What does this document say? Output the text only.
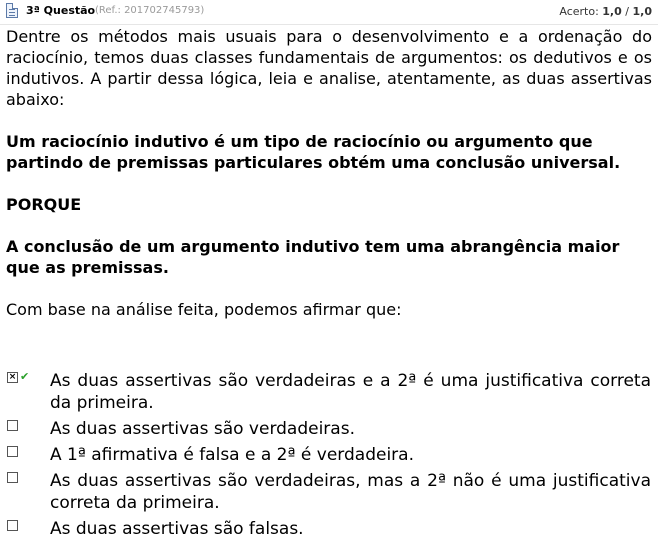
3ª Questão (Ref.: 201702745793)	Acerto: 1,0 / 1,0

Dentre os métodos mais usuais para o desenvolvimento e a ordenação do raciocínio, temos duas classes fundamentais de argumentos: os dedutivos e os indutivos. A partir dessa lógica, leia e analise, atentamente, as duas assertivas abaixo:

Um raciocínio indutivo é um tipo de raciocínio ou argumento que partindo de premissas particulares obtém uma conclusão universal.

PORQUE

A conclusão de um argumento indutivo tem uma abrangência maior que as premissas.

Com base na análise feita, podemos afirmar que:

× ✔ As duas assertivas são verdadeiras e a 2ª é uma justificativa correta da primeira.
As duas assertivas são verdadeiras.
A 1ª afirmativa é falsa e a 2ª é verdadeira.
As duas assertivas são verdadeiras, mas a 2ª não é uma justificativa correta da primeira.
As duas assertivas são falsas.
